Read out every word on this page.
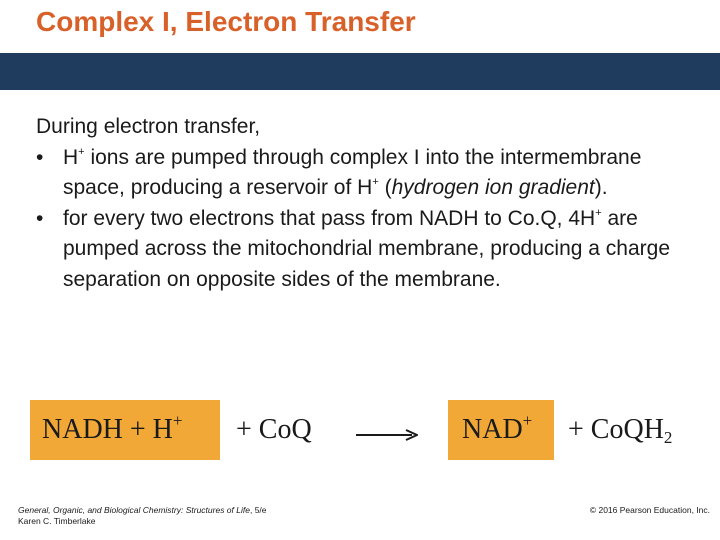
Complex I, Electron Transfer

During electron transfer,

• H+ ions are pumped through complex I into the intermembrane space, producing a reservoir of H+ (hydrogen ion gradient).

• for every two electrons that pass from NADH to Co.Q, 4H+ are pumped across the mitochondrial membrane, producing a charge separation on opposite sides of the membrane.

NADH + H+ + CoQ	NAD+ + CoQH$_2$
General, Organic, and Biological Chemistry: Structures of Life, 5/e
Karen C. Timberlake
© 2016 Pearson Education, Inc.
